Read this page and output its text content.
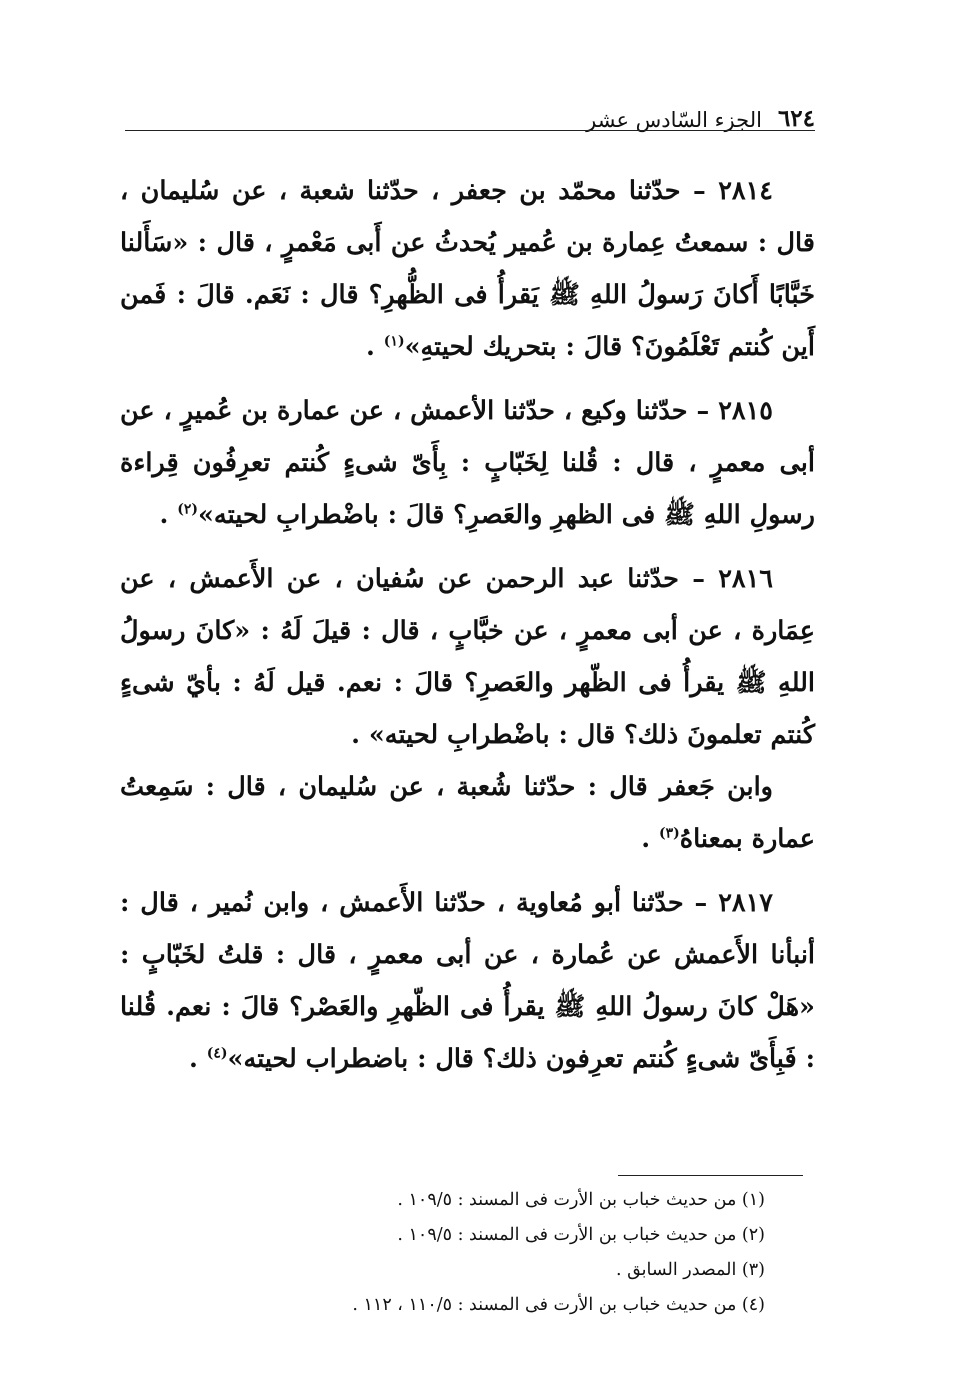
٦٢٤
الجزء السّادس عشر

٢٨١٤ – حدّثنا محمّد بن جعفر ، حدّثنا شعبة ، عن سُليمان ، قال : سمعتُ عِمارة بن عُمير يُحدثُ عن أَبى مَعْمرٍ ، قال : «سَأَلنا خَبَّابًا أَكانَ رَسولُ اللهِ ﷺ يَقرأُ فى الظُّهرِ؟ قال : نَعَم. قالَ : فَمن أَين كُنتم تَعْلَمُونَ؟ قالَ : بتحريك لحيتهِ»$^{(١)}$ .

٢٨١٥ – حدّثنا وكيع ، حدّثنا الأعمش ، عن عمارة بن عُميرٍ ، عن أبى معمرٍ ، قال : قُلنا لِخَبّابٍ : بِأَىّ شىءٍ كُنتم تعرِفُون قِراءة رسولِ اللهِ ﷺ فى الظهرِ والعَصرِ؟ قالَ : باضْطرابِ لحيته»$^{(٢)}$ .

٢٨١٦ – حدّثنا عبد الرحمن عن سُفيان ، عن الأَعمش ، عن عِمَارة ، عن أبى معمرٍ ، عن خبَّابٍ ، قال : قيلَ لَهُ : «كانَ رسولُ اللهِ ﷺ يقرأُ فى الظّهر والعَصرِ؟ قالَ : نعم. قيل لَهُ : بأيّ شىءٍ كُنتم تعلمونَ ذلك؟ قال : باضْطرابِ لحيته» .

وابن جَعفر قال : حدّثنا شُعبة ، عن سُليمان ، قال : سَمِعتُ عمارة بمعناهُ$^{(٣)}$ .

٢٨١٧ – حدّثنا أبو مُعاوية ، حدّثنا الأَعمش ، وابن نُمير ، قال : أنبأنا الأَعمش عن عُمارة ، عن أبى معمرٍ ، قال : قلتُ لخَبّابٍ : «هَلْ كانَ رسولُ اللهِ ﷺ يقرأُ فى الظّهرِ والعَصْر؟ قالَ : نعم. قُلنا : فَبِأَىّ شىءٍ كُنتم تعرِفون ذلك؟ قال : باضطراب لحيته»$^{(٤)}$ .

(١) من حديث خباب بن الأرت فى المسند : ١٠٩/٥ .

(٢) من حديث خباب بن الأرت فى المسند : ١٠٩/٥ .

(٣) المصدر السابق .

(٤) من حديث خباب بن الأرت فى المسند : ١١٠/٥ ، ١١٢ .
